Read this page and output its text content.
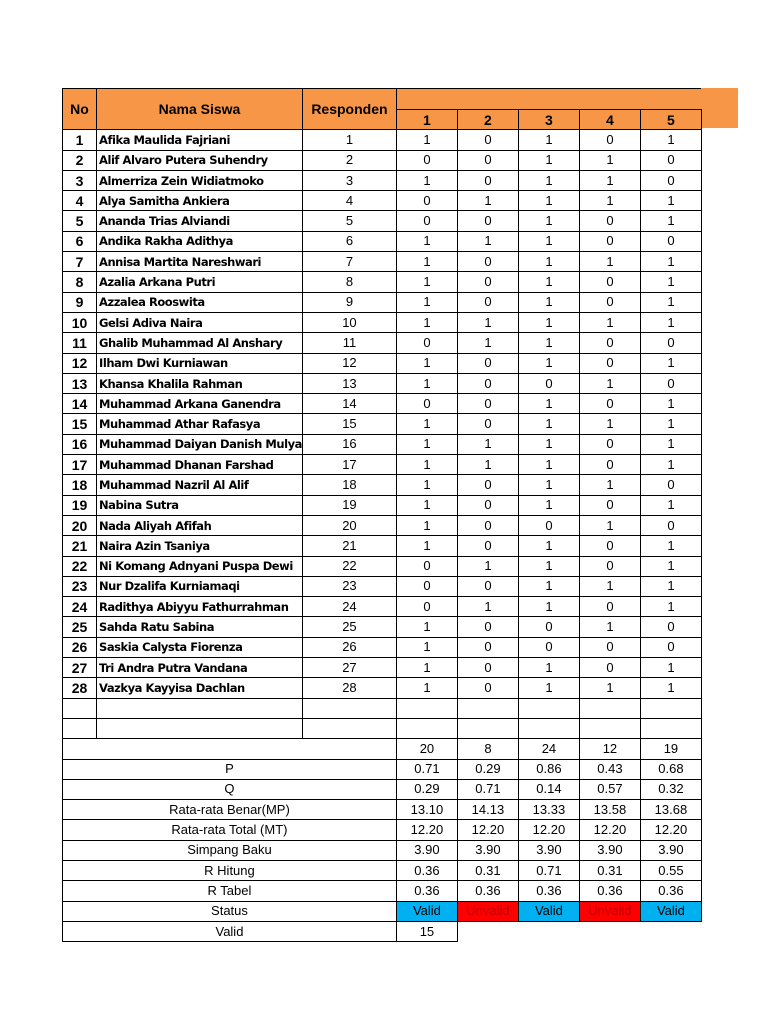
No	Nama Siswa	Responden					
			1	2	3	4	5
1	Afika Maulida Fajriani	1	1	0	1	0	1
2	Alif Alvaro Putera Suhendry	2	0	0	1	1	0
3	Almerriza Zein Widiatmoko	3	1	0	1	1	0
4	Alya Samitha Ankiera	4	0	1	1	1	1
5	Ananda Trias Alviandi	5	0	0	1	0	1
6	Andika Rakha Adithya	6	1	1	1	0	0
7	Annisa Martita Nareshwari	7	1	0	1	1	1
8	Azalia Arkana Putri	8	1	0	1	0	1
9	Azzalea Rooswita	9	1	0	1	0	1
10	Gelsi Adiva Naira	10	1	1	1	1	1
11	Ghalib Muhammad Al Anshary	11	0	1	1	0	0
12	Ilham Dwi Kurniawan	12	1	0	1	0	1
13	Khansa Khalila Rahman	13	1	0	0	1	0
14	Muhammad Arkana Ganendra	14	0	0	1	0	1
15	Muhammad Athar Rafasya	15	1	0	1	1	1
16	Muhammad Daiyan Danish Mulya	16	1	1	1	0	1
17	Muhammad Dhanan Farshad	17	1	1	1	0	1
18	Muhammad Nazril Al Alif	18	1	0	1	1	0
19	Nabina Sutra	19	1	0	1	0	1
20	Nada Aliyah Afifah	20	1	0	0	1	0
21	Naira Azin Tsaniya	21	1	0	1	0	1
22	Ni Komang Adnyani Puspa Dewi	22	0	1	1	0	1
23	Nur Dzalifa Kurniamaqi	23	0	0	1	1	1
24	Radithya Abiyyu Fathurrahman	24	0	1	1	0	1
25	Sahda Ratu Sabina	25	1	0	0	1	0
26	Saskia Calysta Fiorenza	26	1	0	0	0	0
27	Tri Andra Putra Vandana	27	1	0	1	0	1
28	Vazkya Kayyisa Dachlan	28	1	0	1	1	1

			20	8	24	12	19
P			0.71	0.29	0.86	0.43	0.68
Q			0.29	0.71	0.14	0.57	0.32
Rata-rata Benar(MP)			13.10	14.13	13.33	13.58	13.68
Rata-rata Total (MT)			12.20	12.20	12.20	12.20	12.20
Simpang Baku			3.90	3.90	3.90	3.90	3.90
R Hitung			0.36	0.31	0.71	0.31	0.55
R Tabel			0.36	0.36	0.36	0.36	0.36
Status			Valid	Unvalid	Valid	Unvalid	Valid
Valid			15				
